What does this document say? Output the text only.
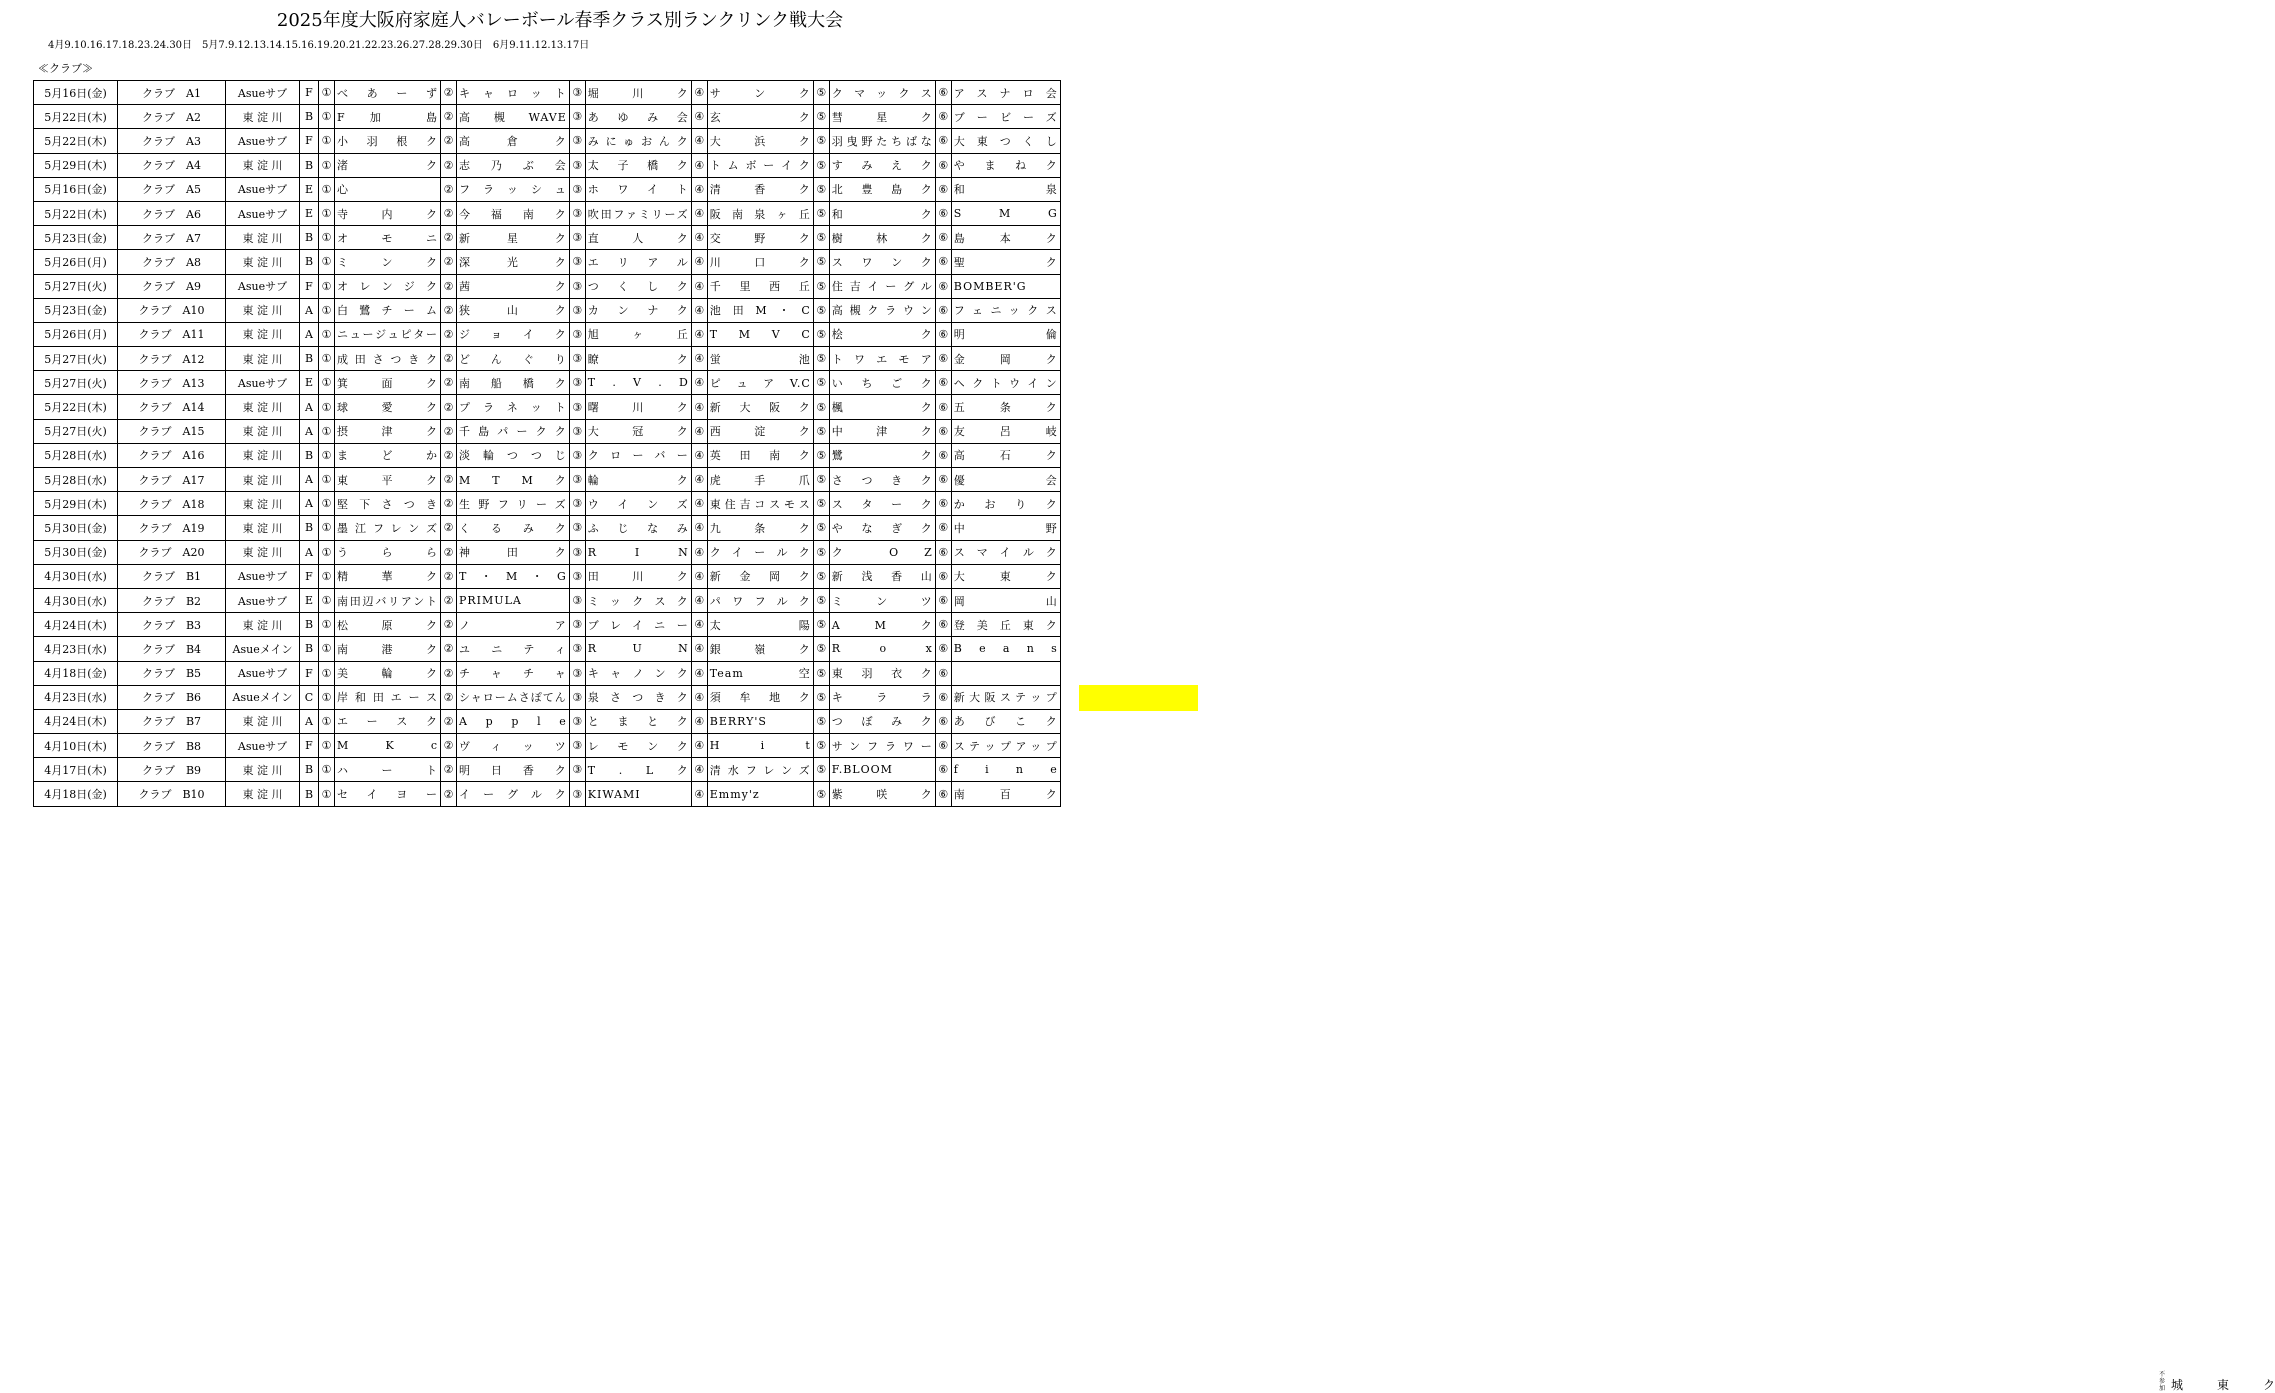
2025年度大阪府家庭人バレーボール春季クラス別ランクリンク戦大会
4月9.10.16.17.18.23.24.30日　5月7.9.12.13.14.15.16.19.20.21.22.23.26.27.28.29.30日　6月9.11.12.13.17日
≪クラブ≫
5月16日(金)	クラブ　A1	Asueサブ	F	①	べ あ ー ず	②	キャロット	③	堀 川 ク	④	サ ン ク	⑤	クマックス	⑥	アスナロ会
5月22日(木)	クラブ　A2	東 淀 川	B	①	F 加 島	②	高槻WAVE	③	あゆみ会	④	玄 ク	⑤	彗 星 ク	⑥	ブービーズ
5月22日(木)	クラブ　A3	Asueサブ	F	①	小 羽 根 ク	②	高 倉 ク	③	みにゅおんク	④	大 浜 ク	⑤	羽曳野たちばな	⑥	大東つくし
5月29日(木)	クラブ　A4	東 淀 川	B	①	渚 ク	②	志乃ぶ会	③	太子橋ク	④	トムボーイク	⑤	すみえク	⑥	やまねク
5月16日(金)	クラブ　A5	Asueサブ	E	①	心	②	フラッシュ	③	ホワイト	④	清 香 ク	⑤	北 豊 島 ク	⑥	和 泉
5月22日(木)	クラブ　A6	Asueサブ	E	①	寺 内 ク	②	今福南ク	③	吹田ファミリーズ	④	阪南泉ヶ丘	⑤	和 ク	⑥	S M G
5月23日(金)	クラブ　A7	東 淀 川	B	①	オ モ ニ	②	新 星 ク	③	直 人 ク	④	交 野 ク	⑤	樹 林 ク	⑥	島 本 ク
5月26日(月)	クラブ　A8	東 淀 川	B	①	ミ ン ク	②	深 光 ク	③	エリアル	④	川 口 ク	⑤	スワンク	⑥	聖 ク
5月27日(火)	クラブ　A9	Asueサブ	F	①	オレンジク	②	茜 ク	③	つ く し ク	④	千里西丘	⑤	住吉イーグル	⑥	BOMBER'G
5月23日(金)	クラブ　A10	東 淀 川	A	①	白鷺チーム	②	狭 山 ク	③	カンナク	④	池田M・C	⑤	高槻クラウン	⑥	フェニックス
5月26日(月)	クラブ　A11	東 淀 川	A	①	ニュージュピター	②	ジョイク	③	旭 ヶ 丘	④	T M V C	⑤	桧 ク	⑥	明 倫
5月27日(火)	クラブ　A12	東 淀 川	B	①	成田さつきク	②	どんぐり	③	瞭 ク	④	蛍 池	⑤	トワエモア	⑥	金 岡 ク
5月27日(火)	クラブ　A13	Asueサブ	E	①	箕 面 ク	②	南 船 橋 ク	③	T . V . D	④	ピュアV.C	⑤	いちごク	⑥	ヘクトウイン
5月22日(木)	クラブ　A14	東 淀 川	A	①	球 愛 ク	②	プラネット	③	曙 川 ク	④	新 大 阪 ク	⑤	楓 ク	⑥	五 条 ク
5月27日(火)	クラブ　A15	東 淀 川	A	①	摂 津 ク	②	千島パークク	③	大 冠 ク	④	西 淀 ク	⑤	中 津 ク	⑥	友 呂 岐
5月28日(水)	クラブ　A16	東 淀 川	B	①	ま ど か	②	淡輪つつじ	③	クローバー	④	英 田 南 ク	⑤	鷺 ク	⑥	高 石 ク
5月28日(水)	クラブ　A17	東 淀 川	A	①	東 平 ク	②	M T M ク	③	輪 ク	④	虎 手 爪	⑤	さつきク	⑥	優 会
5月29日(木)	クラブ　A18	東 淀 川	A	①	堅下さつき	②	生野フリーズ	③	ウインズ	④	東住吉コスモス	⑤	スターク	⑥	かおりク
5月30日(金)	クラブ　A19	東 淀 川	B	①	墨江フレンズ	②	くるみク	③	ふじなみ	④	九 条 ク	⑤	やなぎク	⑥	中 野
5月30日(金)	クラブ　A20	東 淀 川	A	①	う ら ら	②	神 田 ク	③	R I N	④	クイールク	⑤	ク O Z	⑥	スマイルク
4月30日(水)	クラブ　B1	Asueサブ	F	①	精 華 ク	②	T・M・G	③	田 川 ク	④	新 金 岡 ク	⑤	新浅香山	⑥	大 東 ク
4月30日(水)	クラブ　B2	Asueサブ	E	①	南田辺バリアント	②	PRIMULA	③	ミックスク	④	パワフルク	⑤	ミンツ	⑥	岡 山
4月24日(木)	クラブ　B3	東 淀 川	B	①	松 原 ク	②	ノ ア	③	ブレイニー	④	太 陽	⑤	A M ク	⑥	登美丘東ク
4月23日(水)	クラブ　B4	Asueメイン	B	①	南 港 ク	②	ユニティ	③	R U N	④	銀 嶺 ク	⑤	R o x	⑥	B e a n s
4月18日(金)	クラブ　B5	Asueサブ	F	①	美 輪 ク	②	チャチャ	③	キャノンク	④	Team空	⑤	東 羽 衣 ク	⑥	
4月23日(水)	クラブ　B6	Asueメイン	C	①	岸和田エース	②	シャロームさぽてん	③	泉さつきク	④	須 牟 地 ク	⑤	キ ラ ラ	⑥	新大阪ステップ
4月24日(木)	クラブ　B7	東 淀 川	A	①	エ ー ス ク	②	A p p l e	③	とまとク	④	BERRY'S	⑤	つぼみク	⑥	あびこク
4月10日(木)	クラブ　B8	Asueサブ	F	①	M K c	②	ヴィッツ	③	レモンク	④	H i t	⑤	サンフラワー	⑥	ステップアップ
4月17日(木)	クラブ　B9	東 淀 川	B	①	ハ ー ト	②	明 日 香 ク	③	T . L ク	④	清水フレンズ	⑤	F.BLOOM	⑥	f i n e
4月18日(金)	クラブ　B10	東 淀 川	B	①	セイヨー	②	イーグルク	③	KIWAMI	④	Emmy'z	⑤	紫 咲 ク	⑥	南 百 ク
不参加 城 東 ク
